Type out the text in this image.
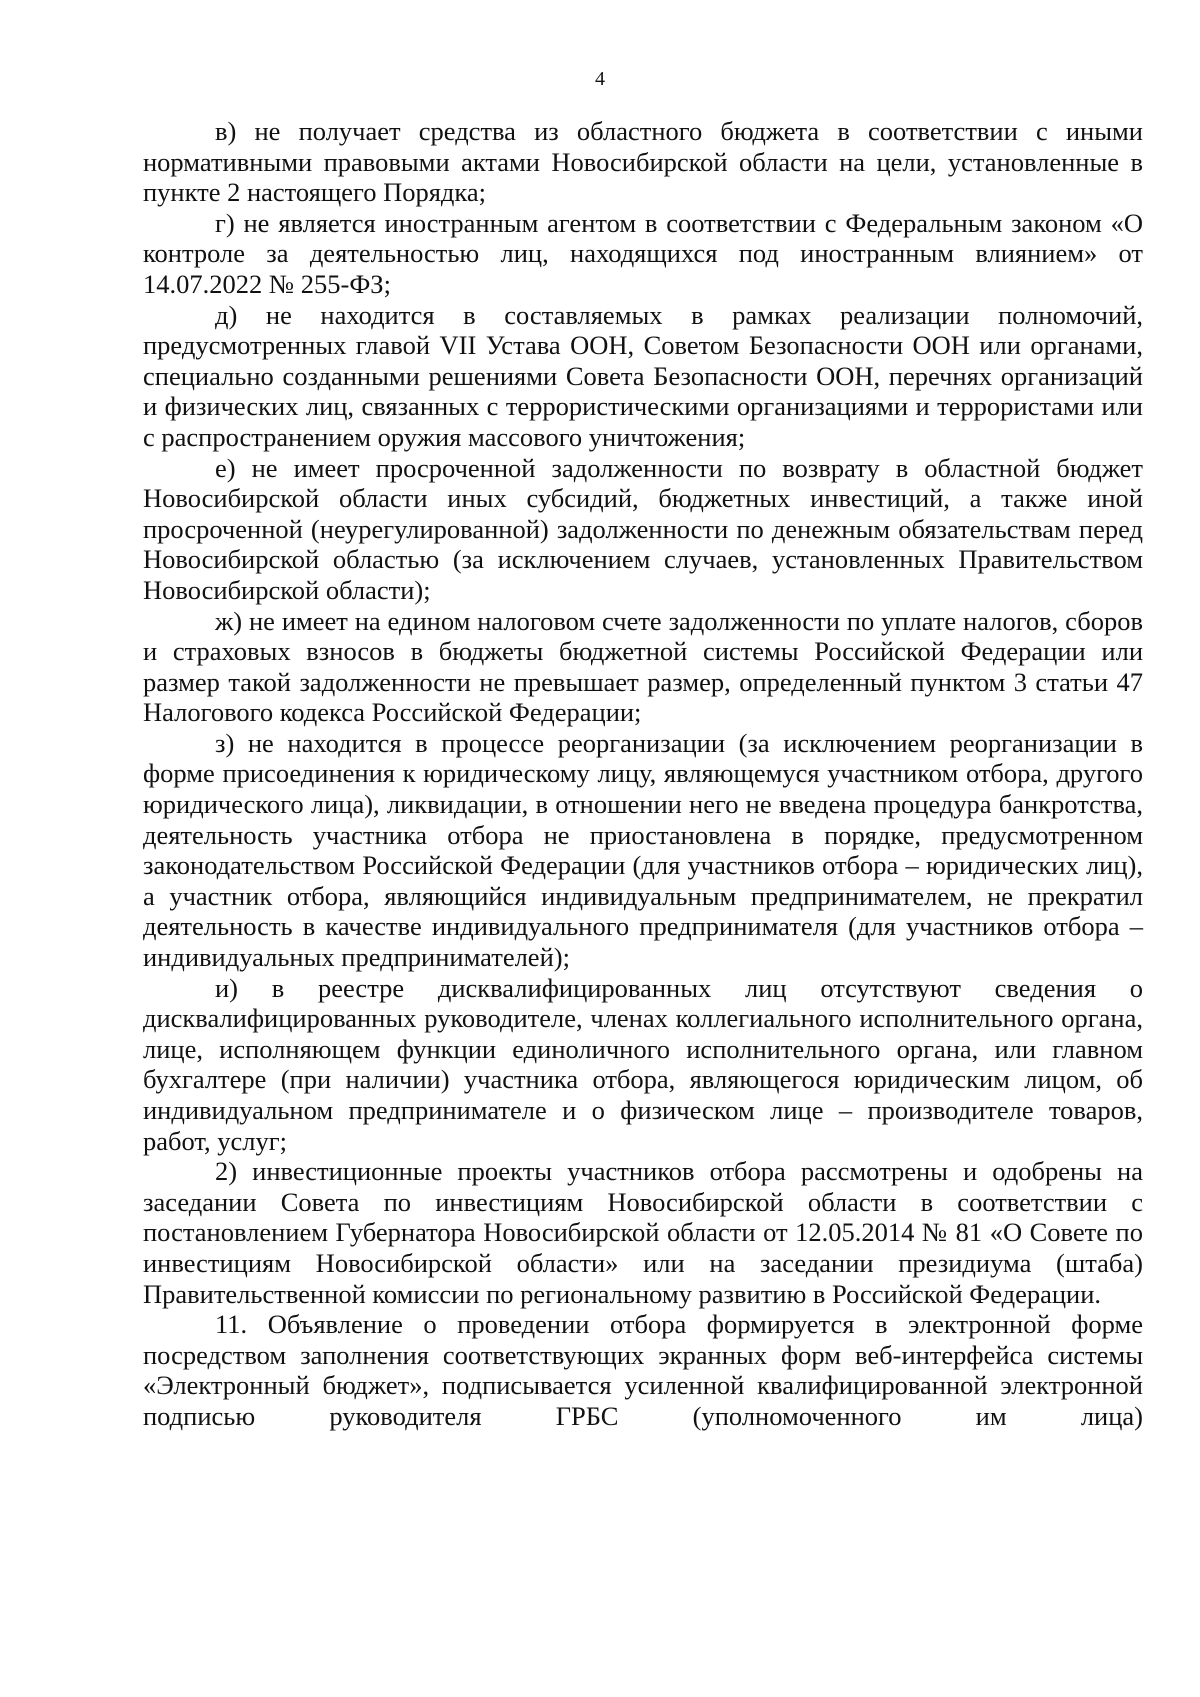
4

в) не получает средства из областного бюджета в соответствии с иными нормативными правовыми актами Новосибирской области на цели, установленные в пункте 2 настоящего Порядка;

г) не является иностранным агентом в соответствии с Федеральным законом «О контроле за деятельностью лиц, находящихся под иностранным влиянием» от 14.07.2022 № 255-ФЗ;

д) не находится в составляемых в рамках реализации полномочий, предусмотренных главой VII Устава ООН, Советом Безопасности ООН или органами, специально созданными решениями Совета Безопасности ООН, перечнях организаций и физических лиц, связанных с террористическими организациями и террористами или с распространением оружия массового уничтожения;

е) не имеет просроченной задолженности по возврату в областной бюджет Новосибирской области иных субсидий, бюджетных инвестиций, а также иной просроченной (неурегулированной) задолженности по денежным обязательствам перед Новосибирской областью (за исключением случаев, установленных Правительством Новосибирской области);

ж) не имеет на едином налоговом счете задолженности по уплате налогов, сборов и страховых взносов в бюджеты бюджетной системы Российской Федерации или размер такой задолженности не превышает размер, определенный пунктом 3 статьи 47 Налогового кодекса Российской Федерации;

з) не находится в процессе реорганизации (за исключением реорганизации в форме присоединения к юридическому лицу, являющемуся участником отбора, другого юридического лица), ликвидации, в отношении него не введена процедура банкротства, деятельность участника отбора не приостановлена в порядке, предусмотренном законодательством Российской Федерации (для участников отбора – юридических лиц), а участник отбора, являющийся индивидуальным предпринимателем, не прекратил деятельность в качестве индивидуального предпринимателя (для участников отбора – индивидуальных предпринимателей);

и) в реестре дисквалифицированных лиц отсутствуют сведения о дисквалифицированных руководителе, членах коллегиального исполнительного органа, лице, исполняющем функции единоличного исполнительного органа, или главном бухгалтере (при наличии) участника отбора, являющегося юридическим лицом, об индивидуальном предпринимателе и о физическом лице – производителе товаров, работ, услуг;

2) инвестиционные проекты участников отбора рассмотрены и одобрены на заседании Совета по инвестициям Новосибирской области в соответствии с постановлением Губернатора Новосибирской области от 12.05.2014 № 81 «О Совете по инвестициям Новосибирской области» или на заседании президиума (штаба) Правительственной комиссии по региональному развитию в Российской Федерации.

11. Объявление о проведении отбора формируется в электронной форме посредством заполнения соответствующих экранных форм веб-интерфейса системы «Электронный бюджет», подписывается усиленной квалифицированной электронной подписью руководителя ГРБС (уполномоченного им лица)
